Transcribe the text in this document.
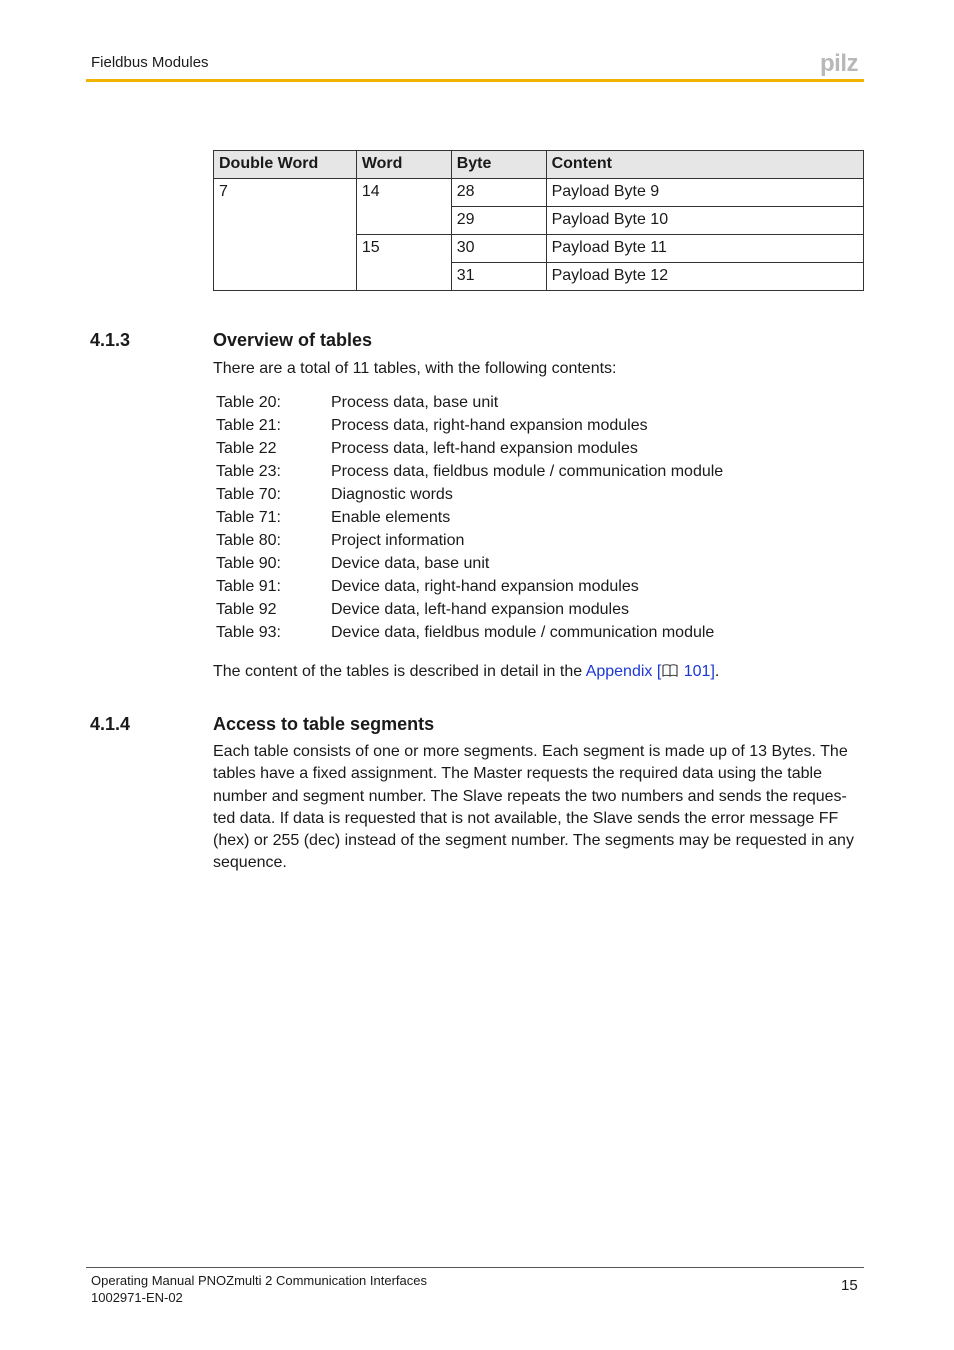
Fieldbus Modules	pilz
Double Word	Word	Byte	Content
7	14	28	Payload Byte 9
		29	Payload Byte 10
	15	30	Payload Byte 11
		31	Payload Byte 12
4.1.3	Overview of tables
There are a total of 11 tables, with the following contents:
Table 20:	Process data, base unit
Table 21:	Process data, right-hand expansion modules
Table 22	Process data, left-hand expansion modules
Table 23:	Process data, fieldbus module / communication module
Table 70:	Diagnostic words
Table 71:	Enable elements
Table 80:	Project information
Table 90:	Device data, base unit
Table 91:	Device data, right-hand expansion modules
Table 92	Device data, left-hand expansion modules
Table 93:	Device data, fieldbus module / communication module
The content of the tables is described in detail in the Appendix [ 101].
4.1.4	Access to table segments
Each table consists of one or more segments. Each segment is made up of 13 Bytes. The
tables have a fixed assignment. The Master requests the required data using the table
number and segment number. The Slave repeats the two numbers and sends the reques-
ted data. If data is requested that is not available, the Slave sends the error message FF
(hex) or 255 (dec) instead of the segment number. The segments may be requested in any
sequence.
Operating Manual PNOZmulti 2 Communication Interfaces
1002971-EN-02
15
